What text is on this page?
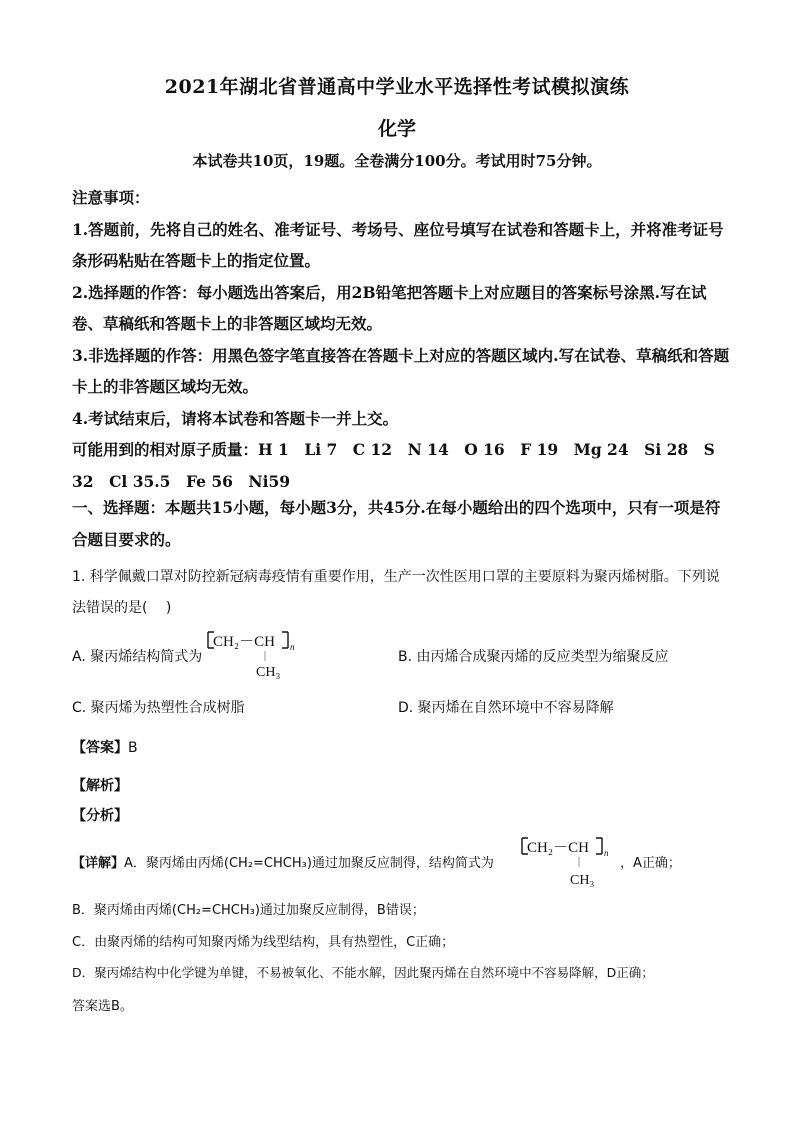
2021年湖北省普通高中学业水平选择性考试模拟演练
化学
本试卷共10页，19题。全卷满分100分。考试用时75分钟。

注意事项：

1.答题前，先将自己的姓名、准考证号、考场号、座位号填写在试卷和答题卡上，并将准考证号条形码粘贴在答题卡上的指定位置。

2.选择题的作答：每小题选出答案后，用2B铅笔把答题卡上对应题目的答案标号涂黑.写在试卷、草稿纸和答题卡上的非答题区域均无效。

3.非选择题的作答：用黑色签字笔直接答在答题卡上对应的答题区域内.写在试卷、草稿纸和答题卡上的非答题区域均无效。

4.考试结束后，请将本试卷和答题卡一并上交。

可能用到的相对原子质量：H 1　Li 7　C 12　N 14　O 16　F 19　Mg 24　Si 28　S 32　Cl 35.5　Fe 56　Ni59

一、选择题：本题共15小题，每小题3分，共45分.在每小题给出的四个选项中，只有一项是符合题目要求的。

1. 科学佩戴口罩对防控新冠病毒疫情有重要作用，生产一次性医用口罩的主要原料为聚丙烯树脂。下列说法错误的是(　 )

A. 聚丙烯结构简式为
CH₂－CH n
CH₃
B. 由丙烯合成聚丙烯的反应类型为缩聚反应
C. 聚丙烯为热塑性合成树脂	D. 聚丙烯在自然环境中不容易降解
【答案】B
【解析】
【分析】
【详解】A．聚丙烯由丙烯(CH₂=CHCH₃)通过加聚反应制得，结构简式为
CH₂－CH n
CH₃
，A正确；
B．聚丙烯由丙烯(CH₂=CHCH₃)通过加聚反应制得，B错误；
C．由聚丙烯的结构可知聚丙烯为线型结构，具有热塑性，C正确；
D．聚丙烯结构中化学键为单键，不易被氧化、不能水解，因此聚丙烯在自然环境中不容易降解，D正确；
答案选B。
